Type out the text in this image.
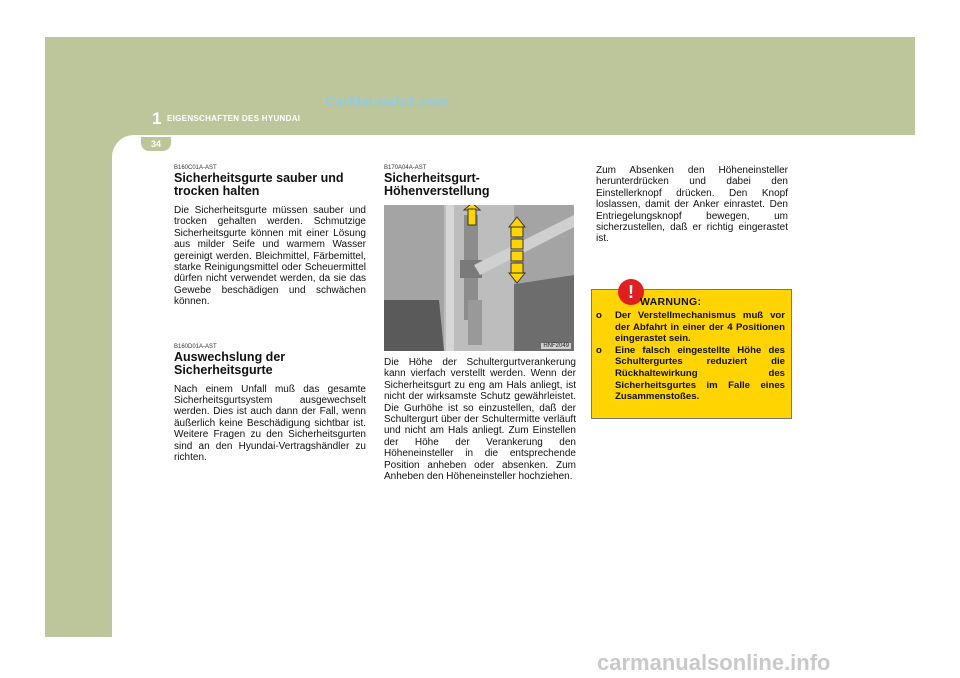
CarManuals2.com
1 EIGENSCHAFTEN DES HYUNDAI
34
B160C01A-AST
Sicherheitsgurte sauber und trocken halten

Die Sicherheitsgurte müssen sauber und trocken gehalten werden. Schmutzige Sicherheitsgurte können mit einer Lösung aus milder Seife und warmem Wasser gereinigt werden. Bleichmittel, Färbemittel, starke Reinigungsmittel oder Scheuermittel dürfen nicht verwendet werden, da sie das Gewebe beschädigen und schwächen können.

B160D01A-AST
Auswechslung der Sicherheitsgurte

Nach einem Unfall muß das gesamte Sicherheitsgurtsystem ausgewechselt werden. Dies ist auch dann der Fall, wenn äußerlich keine Beschädigung sichtbar ist. Weitere Fragen zu den Sicherheitsgurten sind an den Hyundai-Vertragshändler zu richten.

B170A04A-AST
Sicherheitsgurt-Höhenverstellung
HNF2049

Die Höhe der Schultergurtverankerung kann vierfach verstellt werden. Wenn der Sicherheitsgurt zu eng am Hals anliegt, ist nicht der wirksamste Schutz gewährleistet. Die Gurhöhe ist so einzustellen, daß der Schultergurt über der Schultermitte verläuft und nicht am Hals anliegt. Zum Einstellen der Höhe der Verankerung den Höheneinsteller in die entsprechende Position anheben oder absenken. Zum Anheben den Höheneinsteller hochziehen.

Zum Absenken den Höheneinsteller herunterdrücken und dabei den Einstellerknopf drücken. Den Knopf loslassen, damit der Anker einrastet. Den Entriegelungsknopf bewegen, um sicherzustellen, daß er richtig eingerastet ist.

! WARNUNG:
o Der Verstellmechanismus muß vor der Abfahrt in einer der 4 Positionen eingerastet sein.
o Eine falsch eingestellte Höhe des Schultergurtes reduziert die Rückhaltewirkung des Sicherheitsgurtes im Falle eines Zusammenstoßes.
carmanualsonline.info
